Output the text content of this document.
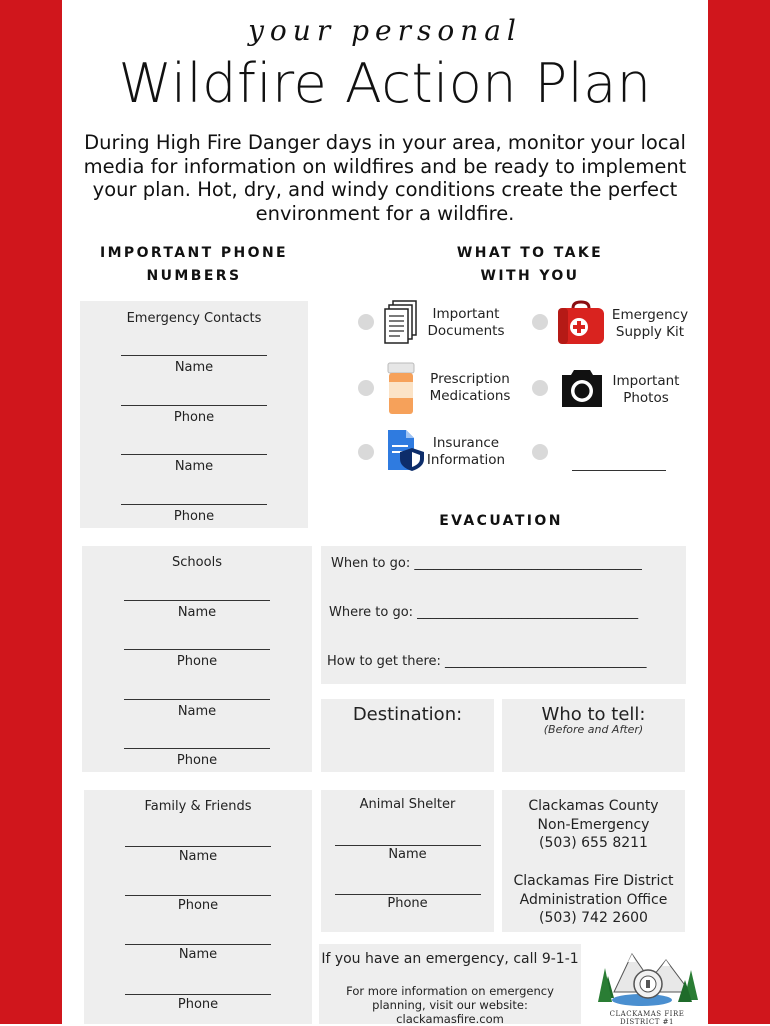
your personal
Wildfire Action Plan
During High Fire Danger days in your area, monitor your local media for information on wildfires and be ready to implement your plan. Hot, dry, and windy conditions create the perfect environment for a wildfire.
IMPORTANT PHONE
NUMBERS
WHAT TO TAKE
WITH YOU
EVACUATION
Emergency Contacts
Name
Phone
Name
Phone
Schools
Name
Phone
Name
Phone
Family & Friends
Name
Phone
Name
Phone
Important Documents
Emergency Supply Kit
Prescription Medications
Important Photos
Insurance Information
When to go: ___________________________________
Where to go: __________________________________
How to get there: _______________________________
Destination:	Who to tell:
(Before and After)
Animal Shelter
Name
Phone
Clackamas County
Non-Emergency
(503) 655 8211
Clackamas Fire District
Administration Office
(503) 742 2600
If you have an emergency, call 9-1-1
For more information on emergency planning, visit our website: clackamasfire.com	CLACKAMAS FIRE DISTRICT #1
